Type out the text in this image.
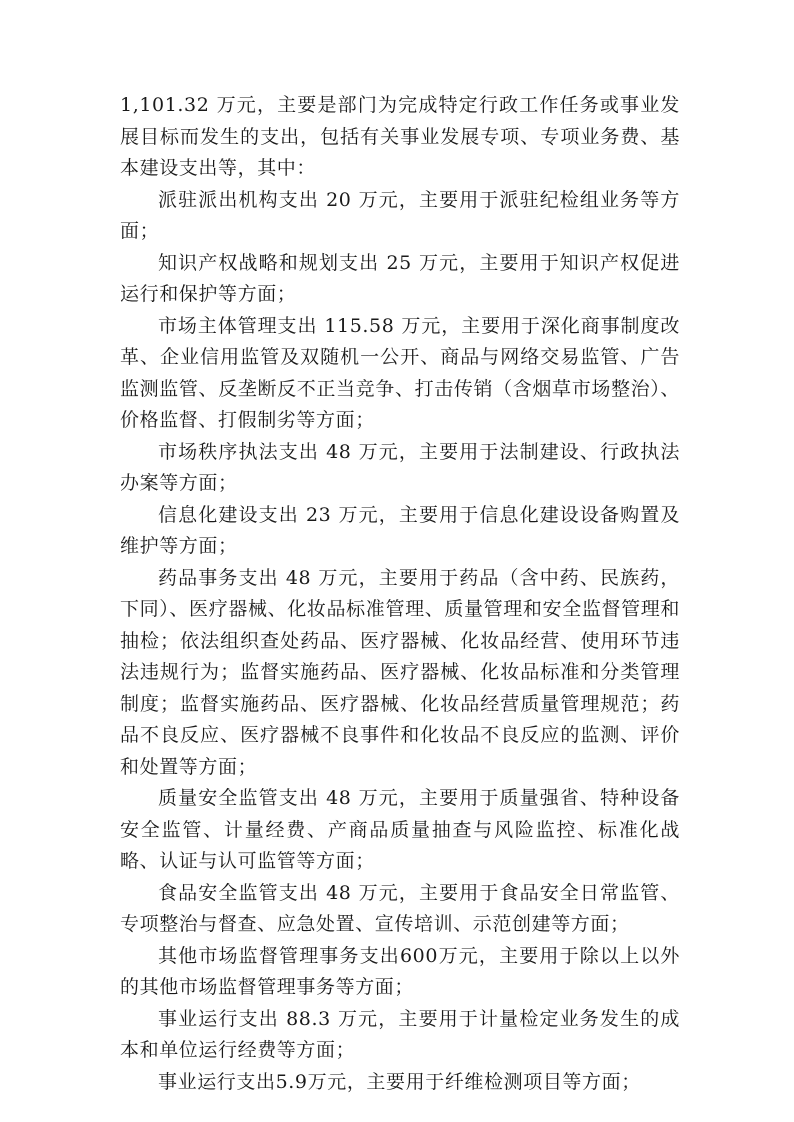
1,101.32 万元，主要是部门为完成特定行政工作任务或事业发展目标而发生的支出，包括有关事业发展专项、专项业务费、基本建设支出等，其中：

派驻派出机构支出 20 万元，主要用于派驻纪检组业务等方面；

知识产权战略和规划支出 25 万元，主要用于知识产权促进运行和保护等方面；

市场主体管理支出 115.58 万元，主要用于深化商事制度改革、企业信用监管及双随机一公开、商品与网络交易监管、广告监测监管、反垄断反不正当竞争、打击传销（含烟草市场整治）、价格监督、打假制劣等方面；

市场秩序执法支出 48 万元，主要用于法制建设、行政执法办案等方面；

信息化建设支出 23 万元，主要用于信息化建设设备购置及维护等方面；

药品事务支出 48 万元，主要用于药品（含中药、民族药，下同）、医疗器械、化妆品标准管理、质量管理和安全监督管理和抽检；依法组织查处药品、医疗器械、化妆品经营、使用环节违法违规行为；监督实施药品、医疗器械、化妆品标准和分类管理制度；监督实施药品、医疗器械、化妆品经营质量管理规范；药品不良反应、医疗器械不良事件和化妆品不良反应的监测、评价和处置等方面；

质量安全监管支出 48 万元，主要用于质量强省、特种设备安全监管、计量经费、产商品质量抽查与风险监控、标准化战略、认证与认可监管等方面；

食品安全监管支出 48 万元，主要用于食品安全日常监管、专项整治与督查、应急处置、宣传培训、示范创建等方面；

其他市场监督管理事务支出600万元，主要用于除以上以外的其他市场监督管理事务等方面；

事业运行支出 88.3 万元，主要用于计量检定业务发生的成本和单位运行经费等方面；

事业运行支出5.9万元，主要用于纤维检测项目等方面；
